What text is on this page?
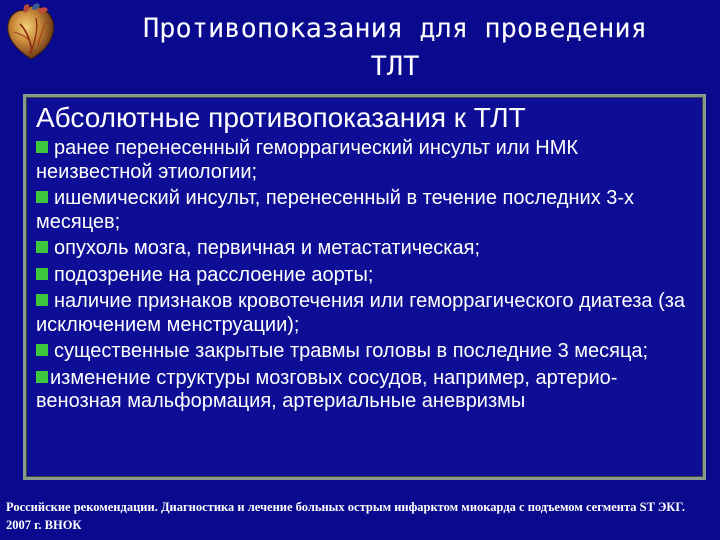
Противопоказания для проведения
ТЛТ
Абсолютные противопоказания к ТЛТ
ранее перенесенный геморрагический инсульт или НМК неизвестной этиологии;
ишемический инсульт, перенесенный в течение последних 3-х месяцев;
опухоль мозга, первичная и метастатическая;
подозрение на расслоение аорты;
наличие признаков кровотечения или геморрагического диатеза (за исключением менструации);
существенные закрытые травмы головы в последние 3 месяца;
изменение структуры мозговых сосудов, например, артерио-венозная мальформация, артериальные аневризмы
Российские рекомендации. Диагностика и лечение больных острым инфарктом миокарда с подъемом сегмента ST ЭКГ. 2007 г. ВНОК
